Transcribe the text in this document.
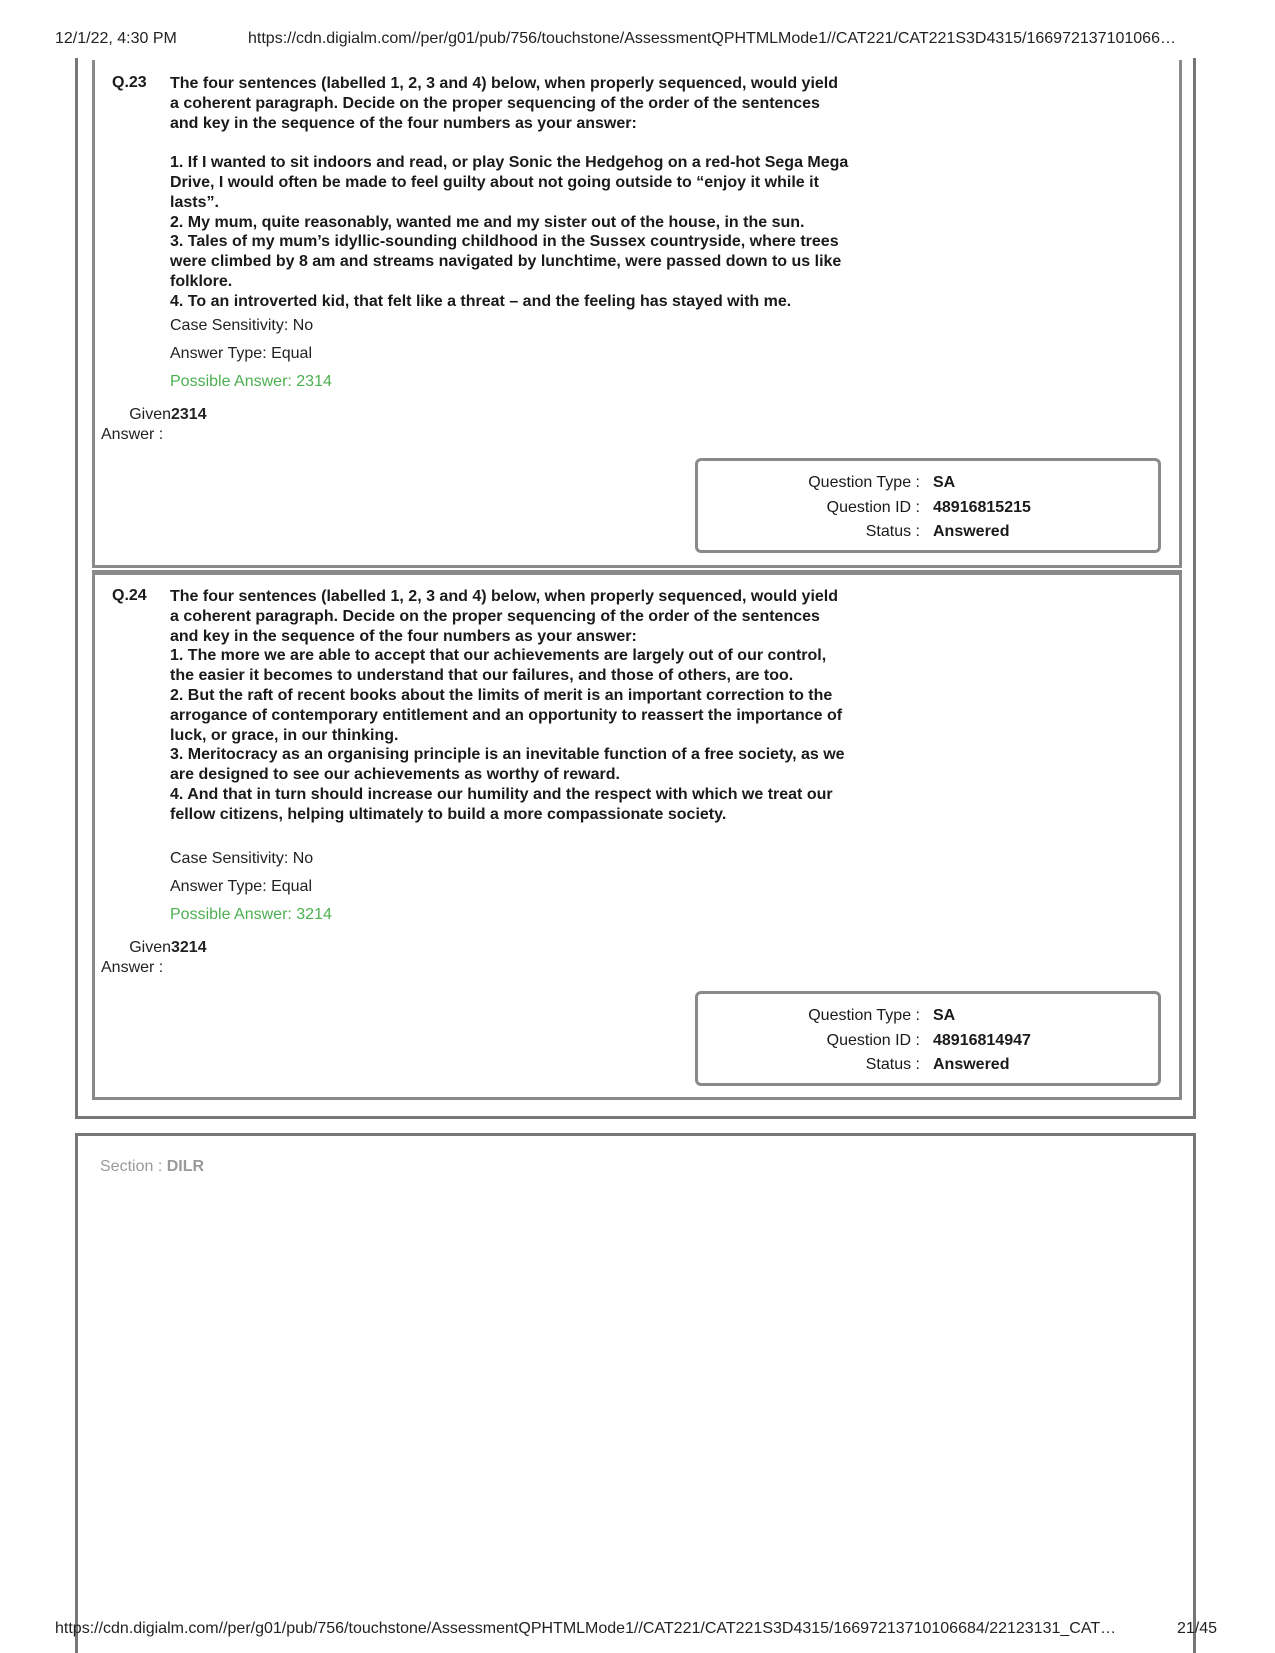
12/1/22, 4:30 PM	https://cdn.digialm.com//per/g01/pub/756/touchstone/AssessmentQPHTMLMode1//CAT221/CAT221S3D4315/166972137101066…
Q.23 The four sentences (labelled 1, 2, 3 and 4) below, when properly sequenced, would yield a coherent paragraph. Decide on the proper sequencing of the order of the sentences and key in the sequence of the four numbers as your answer:

1. If I wanted to sit indoors and read, or play Sonic the Hedgehog on a red-hot Sega Mega Drive, I would often be made to feel guilty about not going outside to “enjoy it while it lasts”.

2. My mum, quite reasonably, wanted me and my sister out of the house, in the sun.

3. Tales of my mum’s idyllic-sounding childhood in the Sussex countryside, where trees were climbed by 8 am and streams navigated by lunchtime, were passed down to us like folklore.

4. To an introverted kid, that felt like a threat – and the feeling has stayed with me.

Case Sensitivity: No
Answer Type: Equal
Possible Answer: 2314
Given2314
Answer :
Question Type : SA
Question ID : 48916815215
Status : Answered
Q.24 The four sentences (labelled 1, 2, 3 and 4) below, when properly sequenced, would yield a coherent paragraph. Decide on the proper sequencing of the order of the sentences and key in the sequence of the four numbers as your answer:

1. The more we are able to accept that our achievements are largely out of our control, the easier it becomes to understand that our failures, and those of others, are too.

2. But the raft of recent books about the limits of merit is an important correction to the arrogance of contemporary entitlement and an opportunity to reassert the importance of luck, or grace, in our thinking.

3. Meritocracy as an organising principle is an inevitable function of a free society, as we are designed to see our achievements as worthy of reward.

4. And that in turn should increase our humility and the respect with which we treat our fellow citizens, helping ultimately to build a more compassionate society.

Case Sensitivity: No
Answer Type: Equal
Possible Answer: 3214
Given3214
Answer :
Question Type : SA
Question ID : 48916814947
Status : Answered
Section : DILR
https://cdn.digialm.com//per/g01/pub/756/touchstone/AssessmentQPHTMLMode1//CAT221/CAT221S3D4315/16697213710106684/22123131_CAT…	21/45
